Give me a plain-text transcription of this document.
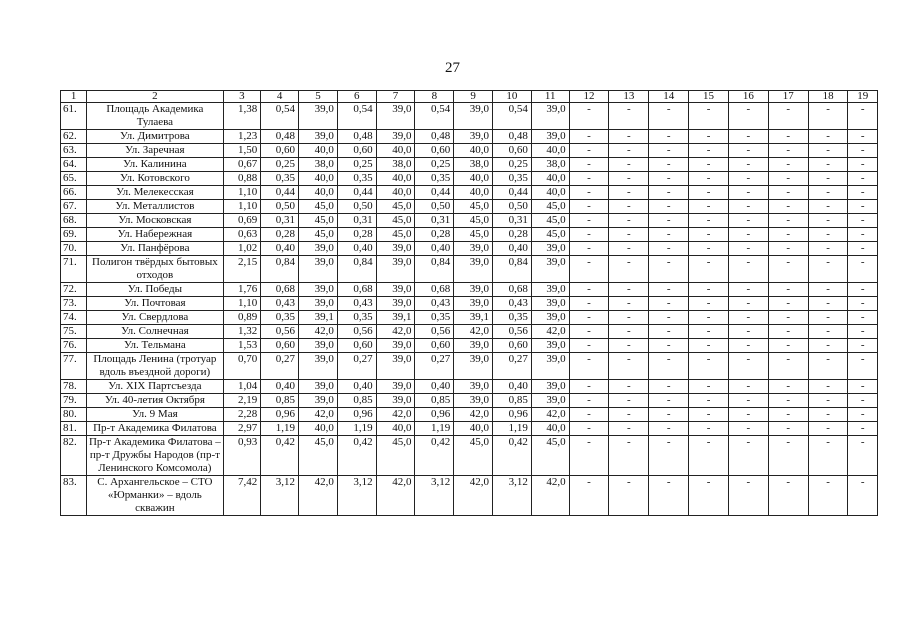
27
1	2	3	4	5	6	7	8	9	10	11	12	13	14	15	16	17	18	19
61.	Площадь Академика Тулаева	1,38	0,54	39,0	0,54	39,0	0,54	39,0	0,54	39,0	-	-	-	-	-	-	-	-
62.	Ул. Димитрова	1,23	0,48	39,0	0,48	39,0	0,48	39,0	0,48	39,0	-	-	-	-	-	-	-	-
63.	Ул. Заречная	1,50	0,60	40,0	0,60	40,0	0,60	40,0	0,60	40,0	-	-	-	-	-	-	-	-
64.	Ул. Калинина	0,67	0,25	38,0	0,25	38,0	0,25	38,0	0,25	38,0	-	-	-	-	-	-	-	-
65.	Ул. Котовского	0,88	0,35	40,0	0,35	40,0	0,35	40,0	0,35	40,0	-	-	-	-	-	-	-	-
66.	Ул. Мелекесская	1,10	0,44	40,0	0,44	40,0	0,44	40,0	0,44	40,0	-	-	-	-	-	-	-	-
67.	Ул. Металлистов	1,10	0,50	45,0	0,50	45,0	0,50	45,0	0,50	45,0	-	-	-	-	-	-	-	-
68.	Ул. Московская	0,69	0,31	45,0	0,31	45,0	0,31	45,0	0,31	45,0	-	-	-	-	-	-	-	-
69.	Ул. Набережная	0,63	0,28	45,0	0,28	45,0	0,28	45,0	0,28	45,0	-	-	-	-	-	-	-	-
70.	Ул. Панфёрова	1,02	0,40	39,0	0,40	39,0	0,40	39,0	0,40	39,0	-	-	-	-	-	-	-	-
71.	Полигон твёрдых бытовых отходов	2,15	0,84	39,0	0,84	39,0	0,84	39,0	0,84	39,0	-	-	-	-	-	-	-	-
72.	Ул. Победы	1,76	0,68	39,0	0,68	39,0	0,68	39,0	0,68	39,0	-	-	-	-	-	-	-	-
73.	Ул. Почтовая	1,10	0,43	39,0	0,43	39,0	0,43	39,0	0,43	39,0	-	-	-	-	-	-	-	-
74.	Ул. Свердлова	0,89	0,35	39,1	0,35	39,1	0,35	39,1	0,35	39,0	-	-	-	-	-	-	-	-
75.	Ул. Солнечная	1,32	0,56	42,0	0,56	42,0	0,56	42,0	0,56	42,0	-	-	-	-	-	-	-	-
76.	Ул. Тельмана	1,53	0,60	39,0	0,60	39,0	0,60	39,0	0,60	39,0	-	-	-	-	-	-	-	-
77.	Площадь Ленина (тротуар вдоль въездной дороги)	0,70	0,27	39,0	0,27	39,0	0,27	39,0	0,27	39,0	-	-	-	-	-	-	-	-
78.	Ул. XIX Партсъезда	1,04	0,40	39,0	0,40	39,0	0,40	39,0	0,40	39,0	-	-	-	-	-	-	-	-
79.	Ул. 40-летия Октября	2,19	0,85	39,0	0,85	39,0	0,85	39,0	0,85	39,0	-	-	-	-	-	-	-	-
80.	Ул. 9 Мая	2,28	0,96	42,0	0,96	42,0	0,96	42,0	0,96	42,0	-	-	-	-	-	-	-	-
81.	Пр-т Академика Филатова	2,97	1,19	40,0	1,19	40,0	1,19	40,0	1,19	40,0	-	-	-	-	-	-	-	-
82.	Пр-т Академика Филатова – пр-т Дружбы Народов (пр-т Ленинского Комсомола)	0,93	0,42	45,0	0,42	45,0	0,42	45,0	0,42	45,0	-	-	-	-	-	-	-	-
83.	С. Архангельское – СТО «Юрманки» – вдоль скважин	7,42	3,12	42,0	3,12	42,0	3,12	42,0	3,12	42,0	-	-	-	-	-	-	-	-
